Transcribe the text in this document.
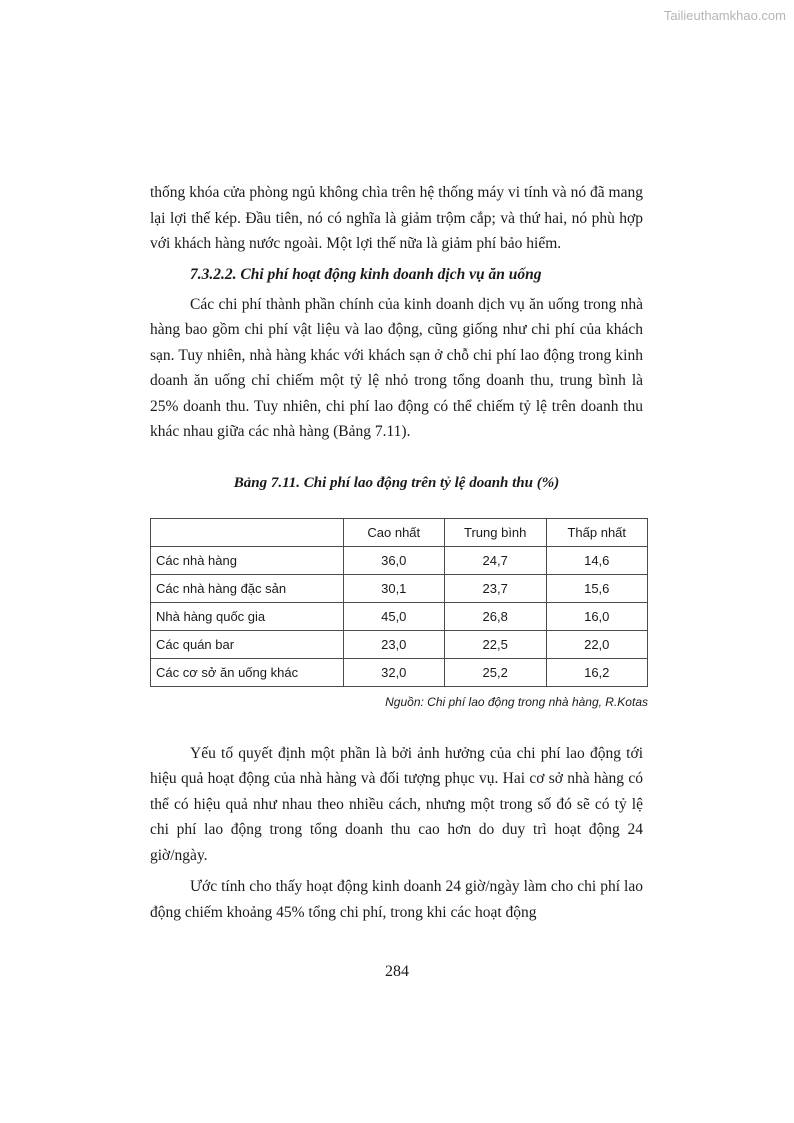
Tailieuthamkhao.com

thống khóa cửa phòng ngủ không chìa trên hệ thống máy vi tính và nó đã mang lại lợi thế kép. Đầu tiên, nó có nghĩa là giảm trộm cắp; và thứ hai, nó phù hợp với khách hàng nước ngoài. Một lợi thế nữa là giảm phí bảo hiểm.

7.3.2.2. Chi phí hoạt động kinh doanh dịch vụ ăn uống

Các chi phí thành phần chính của kinh doanh dịch vụ ăn uống trong nhà hàng bao gồm chi phí vật liệu và lao động, cũng giống như chi phí của khách sạn. Tuy nhiên, nhà hàng khác với khách sạn ở chỗ chi phí lao động trong kinh doanh ăn uống chỉ chiếm một tỷ lệ nhỏ trong tổng doanh thu, trung bình là 25% doanh thu. Tuy nhiên, chi phí lao động có thể chiếm tỷ lệ trên doanh thu khác nhau giữa các nhà hàng (Bảng 7.11).

Bảng 7.11. Chi phí lao động trên tỷ lệ doanh thu (%)
	Cao nhất	Trung bình	Thấp nhất
Các nhà hàng	36,0	24,7	14,6
Các nhà hàng đặc sản	30,1	23,7	15,6
Nhà hàng quốc gia	45,0	26,8	16,0
Các quán bar	23,0	22,5	22,0
Các cơ sở ăn uống khác	32,0	25,2	16,2
Nguồn: Chi phí lao động trong nhà hàng, R.Kotas

Yếu tố quyết định một phần là bởi ảnh hưởng của chi phí lao động tới hiệu quả hoạt động của nhà hàng và đối tượng phục vụ. Hai cơ sở nhà hàng có thể có hiệu quả như nhau theo nhiều cách, nhưng một trong số đó sẽ có tỷ lệ chi phí lao động trong tổng doanh thu cao hơn do duy trì hoạt động 24 giờ/ngày.

Ước tính cho thấy hoạt động kinh doanh 24 giờ/ngày làm cho chi phí lao động chiếm khoảng 45% tổng chi phí, trong khi các hoạt động

284
